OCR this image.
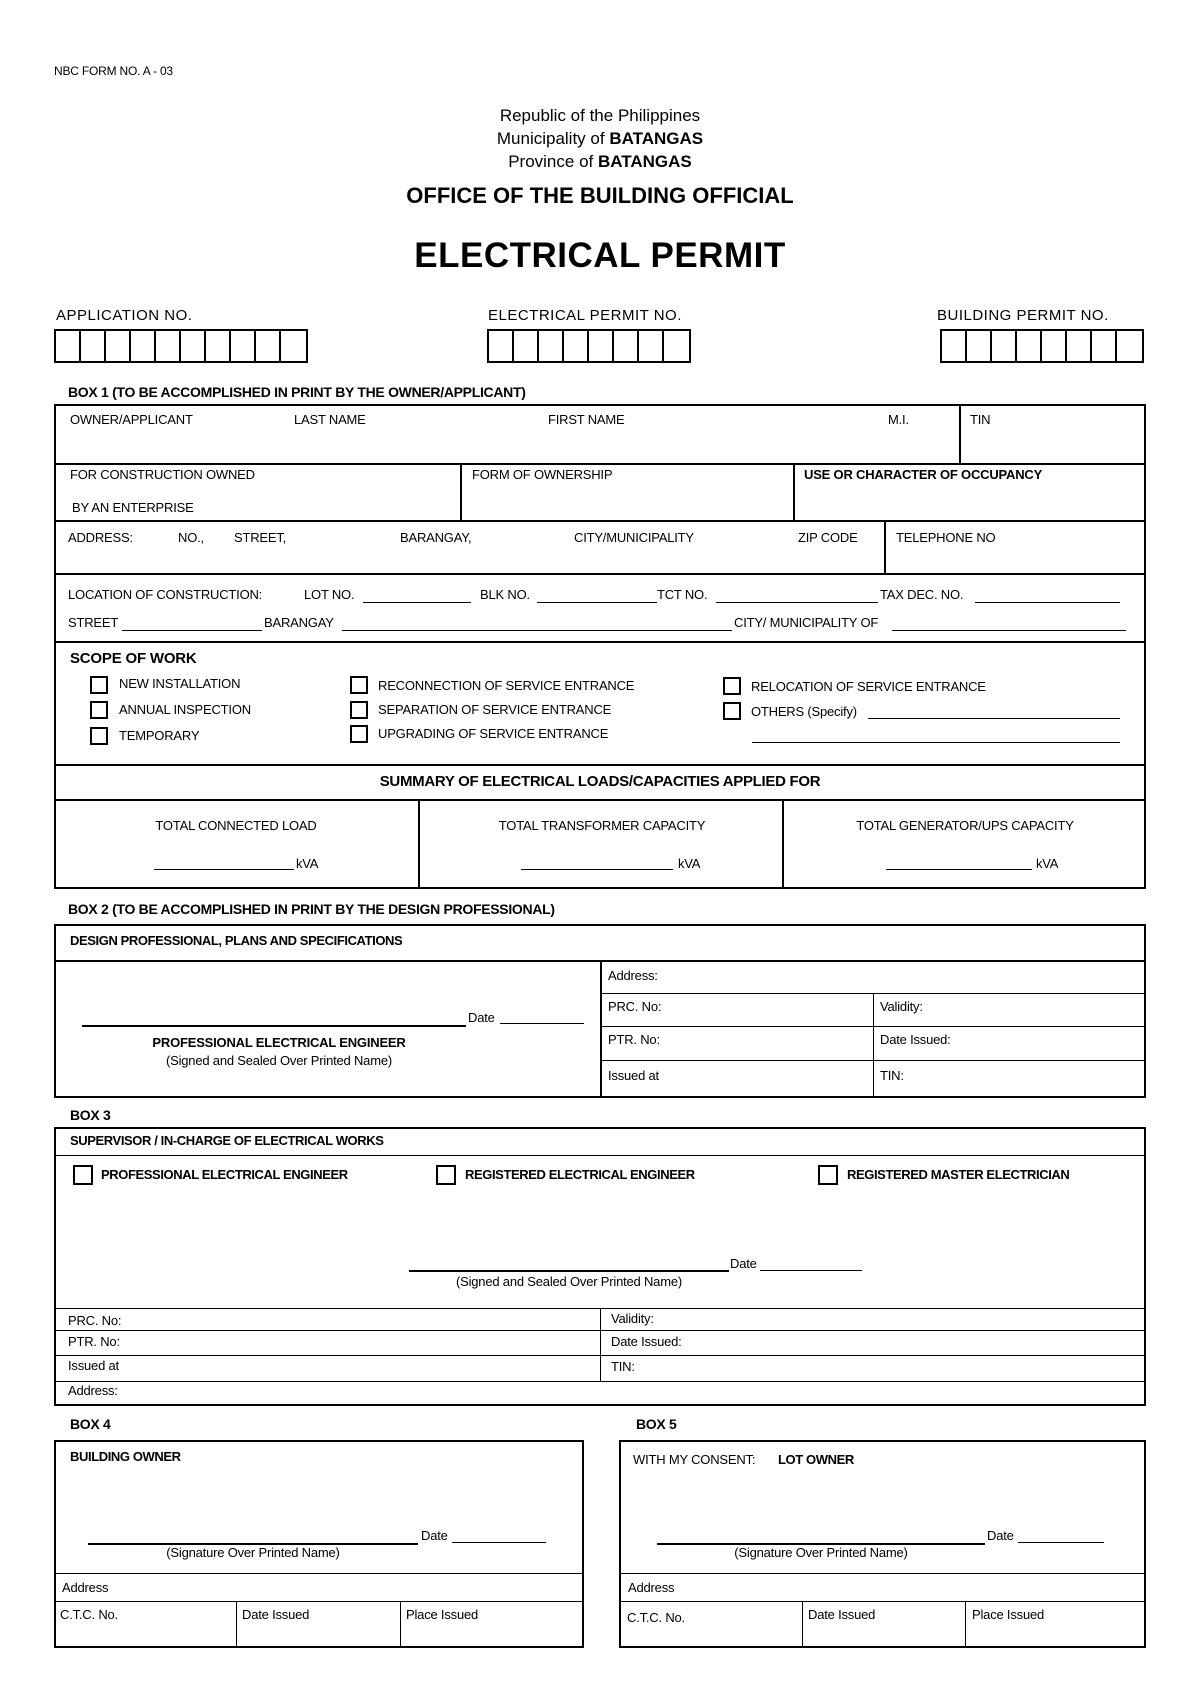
NBC FORM NO. A - 03
Republic of the Philippines
Municipality of BATANGAS
Province of BATANGAS
OFFICE OF THE BUILDING OFFICIAL
ELECTRICAL PERMIT
APPLICATION NO.	ELECTRICAL PERMIT NO.	BUILDING PERMIT NO.
BOX 1 (TO BE ACCOMPLISHED IN PRINT BY THE OWNER/APPLICANT)
OWNER/APPLICANT	LAST NAME	FIRST NAME	M.I.	TIN
FOR CONSTRUCTION OWNED
BY AN ENTERPRISE
FORM OF OWNERSHIP	USE OR CHARACTER OF OCCUPANCY
ADDRESS:	NO., STREET,	BARANGAY,	CITY/MUNICIPALITY	ZIP CODE	TELEPHONE NO
LOCATION OF CONSTRUCTION:	LOT NO.	BLK NO.	TCT NO.	TAX DEC. NO.
STREET	BARANGAY	CITY/ MUNICIPALITY OF
SCOPE OF WORK
NEW INSTALLATION
ANNUAL INSPECTION
TEMPORARY
RECONNECTION OF SERVICE ENTRANCE
SEPARATION OF SERVICE ENTRANCE
UPGRADING OF SERVICE ENTRANCE
RELOCATION OF SERVICE ENTRANCE
OTHERS (Specify)
SUMMARY OF ELECTRICAL LOADS/CAPACITIES APPLIED FOR
TOTAL CONNECTED LOAD
kVA
TOTAL TRANSFORMER CAPACITY
kVA
TOTAL GENERATOR/UPS CAPACITY
kVA
BOX 2 (TO BE ACCOMPLISHED IN PRINT BY THE DESIGN PROFESSIONAL)
DESIGN PROFESSIONAL, PLANS AND SPECIFICATIONS
Date
PROFESSIONAL ELECTRICAL ENGINEER
(Signed and Sealed Over Printed Name)
Address:
PRC. No:	Validity:
PTR. No:	Date Issued:
Issued at	TIN:
BOX 3
SUPERVISOR / IN-CHARGE OF ELECTRICAL WORKS
PROFESSIONAL ELECTRICAL ENGINEER	REGISTERED ELECTRICAL ENGINEER	REGISTERED MASTER ELECTRICIAN
Date
(Signed and Sealed Over Printed Name)
PRC. No:	Validity:
PTR. No:	Date Issued:
Issued at	TIN:
Address:
BOX 4
BUILDING OWNER
Date
(Signature Over Printed Name)
Address
C.T.C. No.	Date Issued	Place Issued
BOX 5
WITH MY CONSENT: LOT OWNER
Date
(Signature Over Printed Name)
Address
C.T.C. No.	Date Issued	Place Issued
